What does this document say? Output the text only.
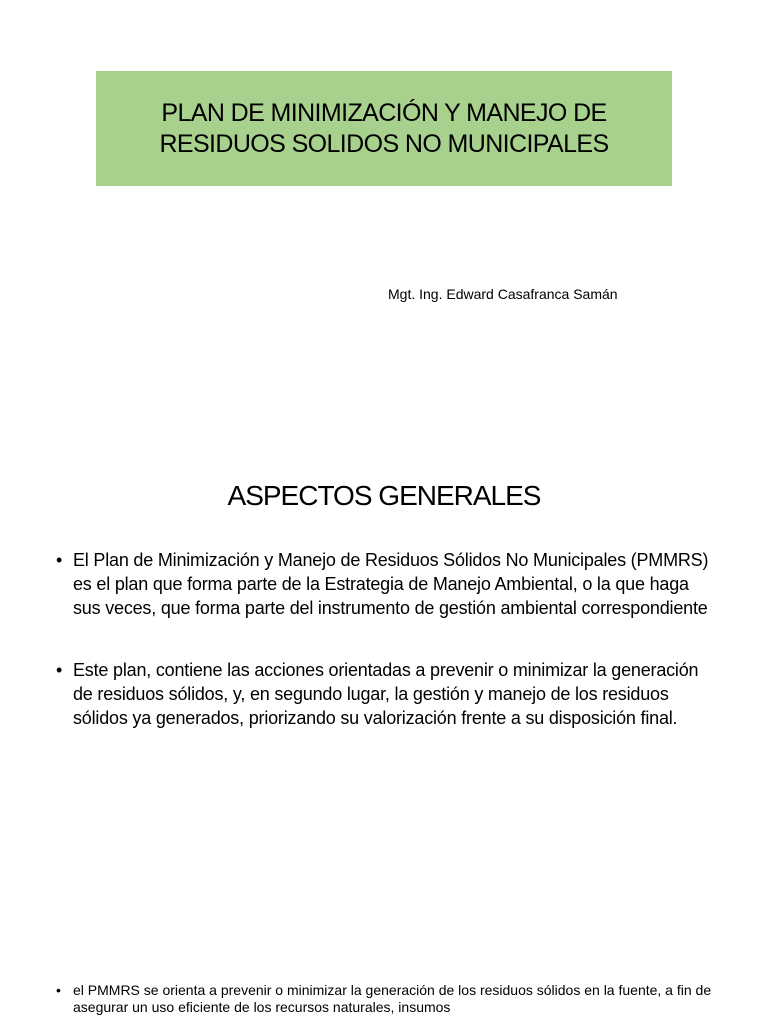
PLAN DE MINIMIZACIÓN Y MANEJO DE RESIDUOS SOLIDOS NO MUNICIPALES
Mgt. Ing. Edward Casafranca Samán
ASPECTOS GENERALES
• El Plan de Minimización y Manejo de Residuos Sólidos No Municipales (PMMRS) es el plan que forma parte de la Estrategia de Manejo Ambiental, o la que haga sus veces, que forma parte del instrumento de gestión ambiental correspondiente
• Este plan, contiene las acciones orientadas a prevenir o minimizar la generación de residuos sólidos, y, en segundo lugar, la gestión y manejo de los residuos sólidos ya generados, priorizando su valorización frente a su disposición final.
• el PMMRS se orienta a prevenir o minimizar la generación de los residuos sólidos en la fuente, a fin de asegurar un uso eficiente de los recursos naturales, insumos
